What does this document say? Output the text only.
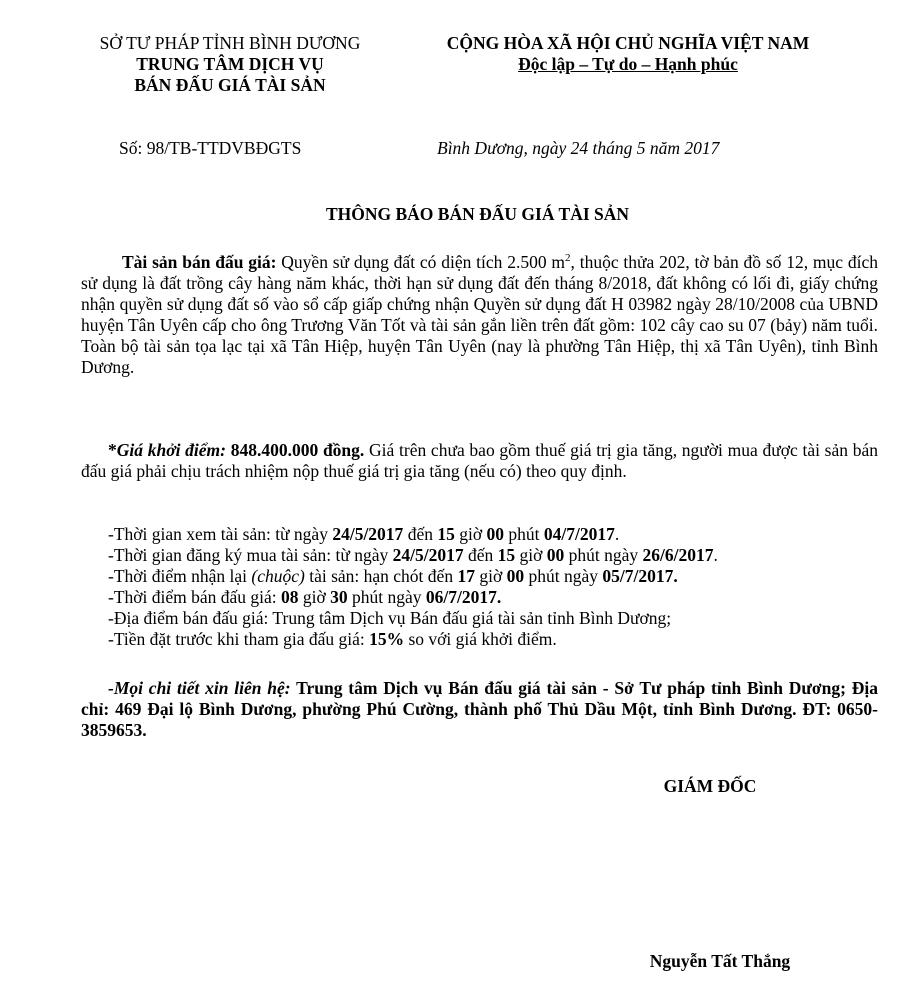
SỞ TƯ PHÁP TỈNH BÌNH DƯƠNG
TRUNG TÂM DỊCH VỤ
BÁN ĐẤU GIÁ TÀI SẢN
CỘNG HÒA XÃ HỘI CHỦ NGHĨA VIỆT NAM
Độc lập – Tự do – Hạnh phúc
Số: 98/TB-TTDVBĐGTS	Bình Dương, ngày 24 tháng 5 năm 2017
THÔNG BÁO BÁN ĐẤU GIÁ TÀI SẢN
Tài sản bán đấu giá: Quyền sử dụng đất có diện tích 2.500 $m^2$, thuộc thửa 202, tờ bản đồ số 12, mục đích sử dụng là đất trồng cây hàng năm khác, thời hạn sử dụng đất đến tháng 8/2018, đất không có lối đi, giấy chứng nhận quyền sử dụng đất số vào sổ cấp giấp chứng nhận Quyền sử dụng đất H 03982 ngày 28/10/2008 của UBND huyện Tân Uyên cấp cho ông Trương Văn Tốt và tài sản gắn liền trên đất gồm: 102 cây cao su 07 (bảy) năm tuổi. Toàn bộ tài sản tọa lạc tại xã Tân Hiệp, huyện Tân Uyên (nay là phường Tân Hiệp, thị xã Tân Uyên), tỉnh Bình Dương.
*Giá khởi điểm: 848.400.000 đồng. Giá trên chưa bao gồm thuế giá trị gia tăng, người mua được tài sản bán đấu giá phải chịu trách nhiệm nộp thuế giá trị gia tăng (nếu có) theo quy định.
-Thời gian xem tài sản: từ ngày 24/5/2017 đến 15 giờ 00 phút 04/7/2017.
-Thời gian đăng ký mua tài sản: từ ngày 24/5/2017 đến 15 giờ 00 phút ngày 26/6/2017.
-Thời điểm nhận lại (chuộc) tài sản: hạn chót đến 17 giờ 00 phút ngày 05/7/2017.
-Thời điểm bán đấu giá: 08 giờ 30 phút ngày 06/7/2017.
-Địa điểm bán đấu giá: Trung tâm Dịch vụ Bán đấu giá tài sản tỉnh Bình Dương;
-Tiền đặt trước khi tham gia đấu giá: 15% so với giá khởi điểm.
-Mọi chi tiết xin liên hệ: Trung tâm Dịch vụ Bán đấu giá tài sản - Sở Tư pháp tỉnh Bình Dương; Địa chỉ: 469 Đại lộ Bình Dương, phường Phú Cường, thành phố Thủ Dầu Một, tỉnh Bình Dương. ĐT: 0650-3859653.
GIÁM ĐỐC
Nguyễn Tất Thắng
